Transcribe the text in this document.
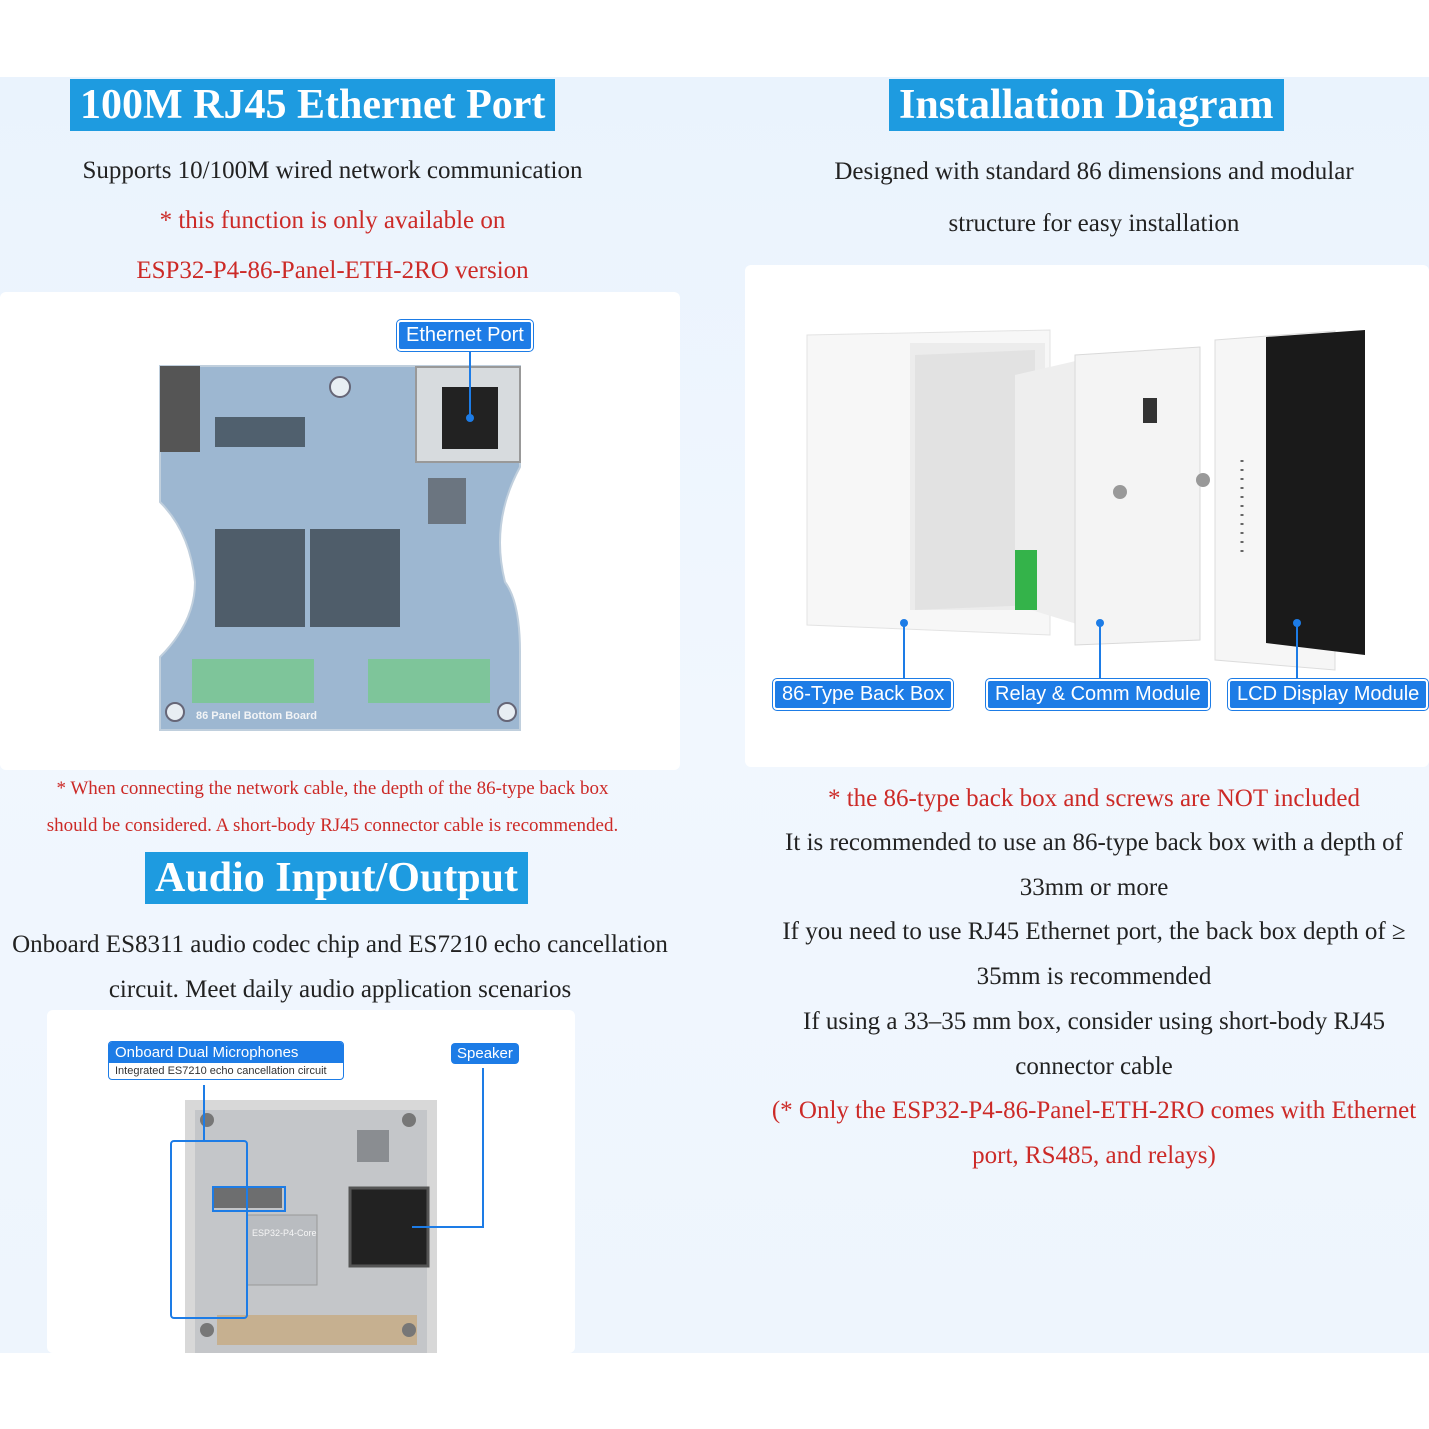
100M RJ45 Ethernet Port
Supports 10/100M wired network communication
* this function is only available on
ESP32-P4-86-Panel-ETH-2RO version
Ethernet Port
86 Panel Bottom Board
* When connecting the network cable, the depth of the 86-type back box
should be considered. A short-body RJ45 connector cable is recommended.
Audio Input/Output
Onboard ES8311 audio codec chip and ES7210 echo cancellation
circuit. Meet daily audio application scenarios
ESP32-P4-Core
Onboard Dual Microphones
Integrated ES7210 echo cancellation circuit
Speaker
Installation Diagram
Designed with standard 86 dimensions and modular
structure for easy installation
86-Type Back Box	Relay & Comm Module	LCD Display Module
* the 86-type back box and screws are NOT included
It is recommended to use an 86-type back box with a depth of
33mm or more
If you need to use RJ45 Ethernet port, the back box depth of ≥
35mm is recommended
If using a 33–35 mm box, consider using short-body RJ45
connector cable
(* Only the ESP32-P4-86-Panel-ETH-2RO comes with Ethernet
port, RS485, and relays)
